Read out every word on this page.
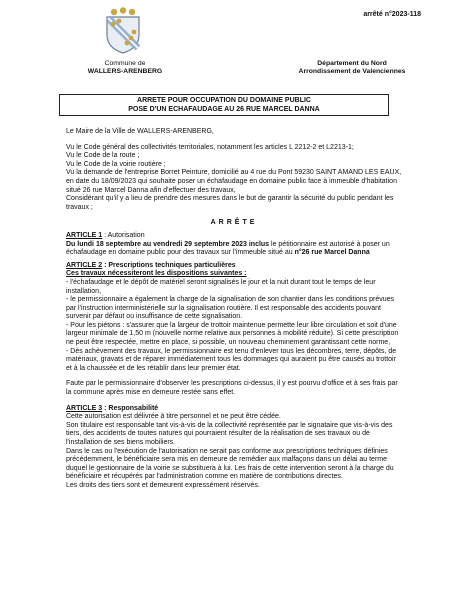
arrêté n°2023-118
Commune de
WALLERS-ARENBERG
Département du Nord
Arrondissement de Valenciennes
ARRETE POUR OCCUPATION DU DOMAINE PUBLIC
POSE D'UN ECHAFAUDAGE AU 26 RUE MARCEL DANNA

Le Maire de la Ville de WALLERS-ARENBERG,

Vu le Code général des collectivités territoriales, notamment les articles L 2212-2 et L2213-1;

Vu le Code de la route ;

Vu le Code de la voirie routière ;

Vu la demande de l'entreprise Borret Peinture, domicilié au 4 rue du Pont 59230 SAINT AMAND LES EAUX, en date du 18/09/2023 qui souhaite poser un échafaudage en domaine public face à immeuble d'habitation situé 26 rue Marcel Danna afin d'effectuer des travaux,

Considérant qu'il y a lieu de prendre des mesures dans le but de garantir la sécurité du public pendant les travaux ;

ARRÊTE

ARTICLE 1 : Autorisation

Du lundi 18 septembre au vendredi 29 septembre 2023 inclus le pétitionnaire est autorisé à poser un échafaudage en domaine public pour des travaux sur l'immeuble situé au n°26 rue Marcel Danna

ARTICLE 2 : Prescriptions techniques particulières

Ces travaux nécessiteront les dispositions suivantes :

- l'échafaudage et le dépôt de matériel seront signalisés le jour et la nuit durant tout le temps de leur installation,

- le permissionnaire a également la charge de la signalisation de son chantier dans les conditions prévues par l'instruction interministérielle sur la signalisation routière. Il est responsable des accidents pouvant survenir par défaut ou insuffisance de cette signalisation.

- Pour les piétons : s'assurer que la largeur de trottoir maintenue permette leur libre circulation et soit d'une largeur minimale de 1,50 m (nouvelle norme relative aux personnes à mobilité réduite). Si cette prescription ne peut être respectée, mettre en place, si possible, un nouveau cheminement garantissant cette norme,

- Dès achèvement des travaux, le permissionnaire est tenu d'enlever tous les décombres, terre, dépôts, de matériaux, gravats et de réparer immédiatement tous les dommages qui auraient pu être causés au trottoir et à la chaussée et de les rétablir dans leur premier état.

Faute par le permissionnaire d'observer les prescriptions ci-dessus, il y est pourvu d'office et à ses frais par la commune après mise en demeure restée sans effet.

ARTICLE 3 : Responsabilité

Cette autorisation est délivrée à titre personnel et ne peut être cédée.

Son titulaire est responsable tant vis-à-vis de la collectivité représentée par le signataire que vis-à-vis des tiers, des accidents de toutes natures qui pourraient résulter de la réalisation de ses travaux ou de l'installation de ses biens mobiliers.

Dans le cas ou l'exécution de l'autorisation ne serait pas conforme aux prescriptions techniques définies précédemment, le bénéficiaire sera mis en demeure de remédier aux malfaçons dans un délai au terme duquel le gestionnaire de la voirie se substituera à lui. Les frais de cette intervention seront à la charge du bénéficiaire et récupérés par l'administration comme en matière de contributions directes.

Les droits des tiers sont et demeurent expressément réservés.
